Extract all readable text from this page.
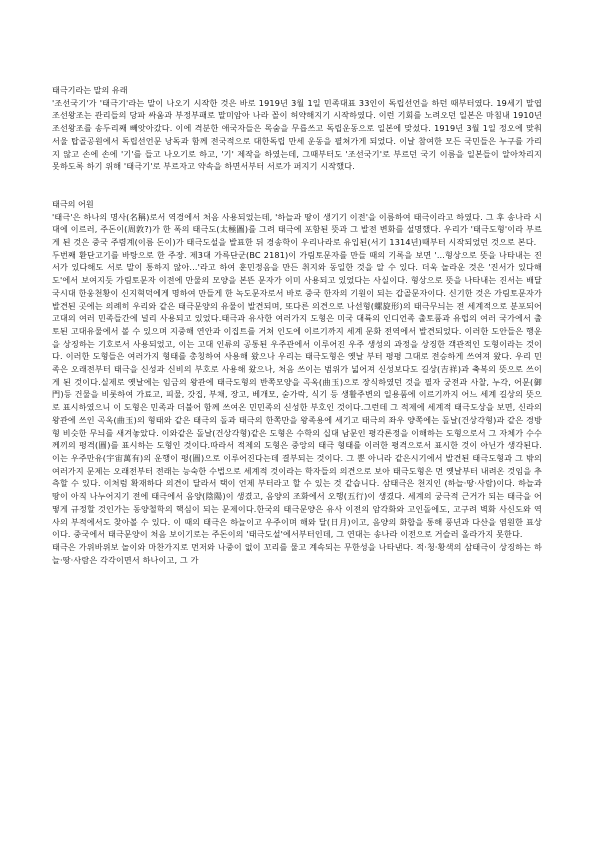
태극기라는 말의 유래

'조선국기'가 '태극기'라는 말이 나오기 시작한 것은 바로 1919년 3월 1일 민족대표 33인이 독립선언을 하던 때부터였다. 19세기 말엽 조선왕조는 관리들의 당파 싸움과 부정부패로 말미암아 나라 꼴이 허약해지기 시작하였다. 이런 기회를 노려오던 일본은 마침내 1910년 조선왕조를 송두리째 빼앗아갔다. 이에 격분한 애국자들은 목숨을 무릅쓰고 독립운동으로 일본에 맞섰다. 1919년 3월 1일 정오에 맞춰 서울 탑골공원에서 독립선언문 낭독과 함께 전국적으로 대한독립 만세 운동을 펼쳐가게 되었다. 이날 참여한 모든 국민들은 누구를 가리지 않고 손에 손에 '기'를 들고 나오기로 하고, '기' 제작을 하였는데, 그때부터도 '조선국기'로 부르던 국기 이름을 일본들이 알아차리지 못하도록 하기 위해 '태극기'로 부르자고 약속을 하면서부터 서로가 퍼지기 시작했다.

태극의 어원

'태극'은 하나의 명사(名稱)로서 역경에서 처음 사용되었는데, '하늘과 땅이 생기기 이전'을 이름하여 태극이라고 하였다. 그 후 송나라 시대에 이르러, 주돈이(周敦?)가 한 폭의 태극도(太極圖)를 그려 태극에 포함된 뜻과 그 발전 변화를 설명했다. 우리가 '태극도형'이라 부르게 된 것은 중국 주렴계(이름 돈이)가 태극도설을 발표한 뒤 경송학이 우리나라로 유입된(서기 1314년)때부터 시작되었던 것으로 본다.

두번째 환단고기를 바탕으로 한 주장. 제3대 가륵단군(BC 2181)이 가림토문자를 만들 때의 기록을 보면 '...형상으로 뜻을 나타내는 진서가 있다해도 서로 말이 통하지 않아...'라고 하여 훈민정음을 만든 취지와 동일한 것을 알 수 있다. 더욱 놀라운 것은 '진서가 있다해도'에서 보여지듯 가림토문자 이전에 만물의 모양을 본뜬 문자가 이미 사용되고 있었다는 사실이다. 형상으로 뜻을 나타내는 진서는 배달국시대 한웅천황이 신지혁덕에게 명하여 만들게 한 녹도문자로서 바로 중국 한자의 기원이 되는 갑골문자이다. 신기한 것은 가림토문자가 발견된 곳에는 의례히 우리와 같은 태극문양의 유물이 발견되며, 또다른 의견으로 나선형(螺旋形)의 태극무늬는 전 세계적으로 분포되어 고대의 여러 민족들간에 널리 사용되고 있었다.태극과 유사한 여러가지 도형은 미국 대륙의 인디언족 출토품과 유럽의 여러 국가에서 출토된 고대유물에서 볼 수 있으며 지중해 연안과 이집트를 거쳐 인도에 이르기까지 세계 문화 전역에서 발견되었다. 이러한 도안들은 행운을 상징하는 기호로서 사용되었고, 이는 고대 인류의 공통된 우주관에서 이루어진 우주 생성의 과정을 상징한 객관적인 도형이라는 것이다. 이러한 도형들은 여러가지 형태를 총칭하여 사용해 왔으나 우리는 태극도형은 옛날 부터 평평 그대로 전승하게 쓰여져 왔다. 우리 민족은 오래전부터 태극을 신성과 신비의 부호로 사용해 왔으나, 처음 쓰이는 범위가 넓어져 신성보다도 길상(吉祥)과 축복의 뜻으로 쓰이게 된 것이다.실제로 옛날에는 임금의 왕관에 태극도형의 반쪽모양을 곡옥(曲玉)으로 장식하였던 것을 필자 궁전과 사찰, 누각, 어문(御門)등 건물을 비롯하여 가료고, 피물, 갓집, 부채, 장고, 베개모, 숟가락, 식기 등 생활주변의 일용품에 이르기까지 어느 세계 길상의 뜻으로 표시하였으니 이 도형은 민족과 더불어 함께 쓰여온 민민족의 신성한 부호인 것이다.그런데 그 적제에 세계적 태극도상을 보면, 신라의 왕관에 쓰인 곡옥(曲玉)의 형태와 같은 태극의 돌과 태극의 한쪽만을 왕족용에 세기고 태극의 좌우 양쪽에는 돌날(건상각형)과 같은 경방형 비슷한 무늬를 새겨놓았다. 이와같은 돌날(건상각형)같은 도형은 수학의 십대 남문인 평각론정을 이해하는 도형으로서 그 자체가 수수께끼의 평격(圓)를 표시하는 도형인 것이다.따라서 적제의 도형은 중앙의 태극 형태를 이러한 평격으로서 표시한 것이 아닌가 생각된다. 이는 우주만유(宇宙萬有)의 운행이 평(圓)으로 이루어진다는데 결부되는 것이다. 그 뿐 아니라 같은시기에서 발견된 태극도형과 그 밖의 여러가지 문제는 오래전부터 전래는 능숙한 수법으로 세계적 것이라는 학자들의 의견으로 보아 태극도형은 먼 옛날부터 내려온 것임을 추측할 수 있다. 이처럼 확재하다 의견이 달라서 택이 언제 부터라고 할 수 있는 것 같습니다. 삼태극은 천지인 (하늘·땅·사람)이다. 하늘과 땅이 아직 나누어지기 전에 태극에서 음양(陰陽)이 생겼고, 음양의 조화에서 오행(五行)이 생겼다. 세계의 궁극적 근거가 되는 태극을 어떻게 규정할 것인가는 동양철학의 핵심이 되는 문제이다.한국의 태극문양은 유사 이전의 암각화와 고인돌에도, 고구려 벽화 사신도와 역사의 부적에서도 찾아볼 수 있다. 이 때의 태극은 하늘이고 우주이며 해와 달(日月)이고, 음양의 화합을 통해 풍년과 다산을 염원한 표상이다. 중국에서 태극문양이 처음 보이기로는 주돈이의 '태극도설'에서부터인데, 그 연대는 송나라 이전으로 거슬러 올라가지 못한다.

태극은 가위바위보 놀이와 마찬가지로 먼저와 나중이 없이 꼬리를 물고 계속되는 무한성을 나타낸다. 적·청·황색의 삼태극이 상징하는 하늘·땅·사람은 각각이면서 하나이고, 그 가
